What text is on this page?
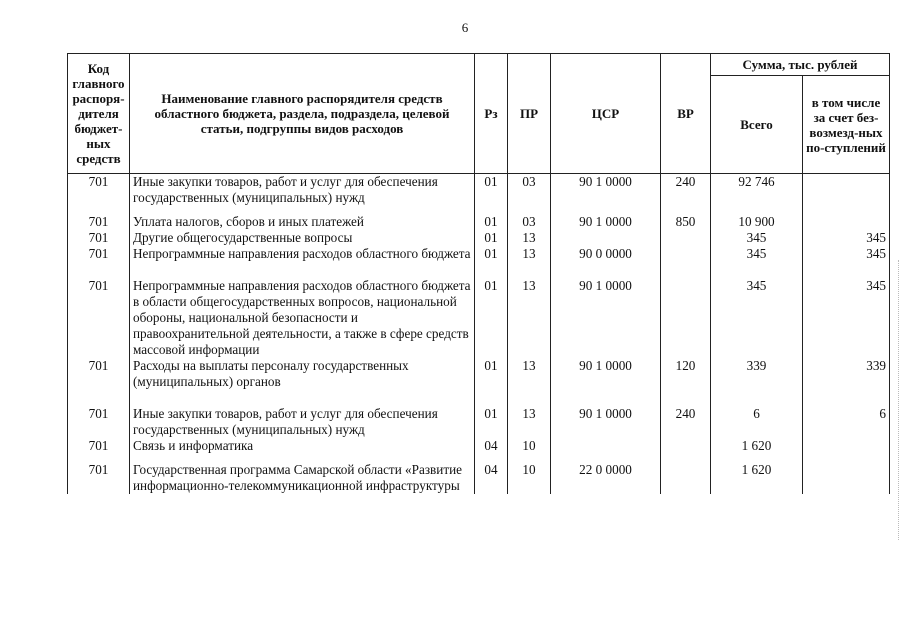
6
Код главного распоря-дителя бюджет-ных средств	Наименование главного распорядителя средств областного бюджета, раздела, подраздела, целевой статьи, подгруппы видов расходов	Рз	ПР	ЦСР	ВР	Сумма, тыс. рублей	
						Всего	в том числе за счет без-возмезд-ных по-ступлений
701	Иные закупки товаров, работ и услуг для обеспечения государственных (муниципальных) нужд	01	03	90 1 0000	240	92 746	
701	Уплата налогов, сборов и иных платежей	01	03	90 1 0000	850	10 900	
701	Другие общегосударственные вопросы	01	13			345	345
701	Непрограммные направления расходов областного бюджета	01	13	90 0 0000		345	345
701	Непрограммные направления расходов областного бюджета в области общегосударственных вопросов, национальной обороны, национальной безопасности и правоохранительной деятельности, а также в сфере средств массовой информации	01	13	90 1 0000		345	345
701	Расходы на выплаты персоналу государственных (муниципальных) органов	01	13	90 1 0000	120	339	339
701	Иные закупки товаров, работ и услуг для обеспечения государственных (муниципальных) нужд	01	13	90 1 0000	240	6	6
701	Связь и информатика	04	10			1 620	
701	Государственная программа Самарской области «Развитие информационно-телекоммуникационной инфраструктуры	04	10	22 0 0000		1 620	
